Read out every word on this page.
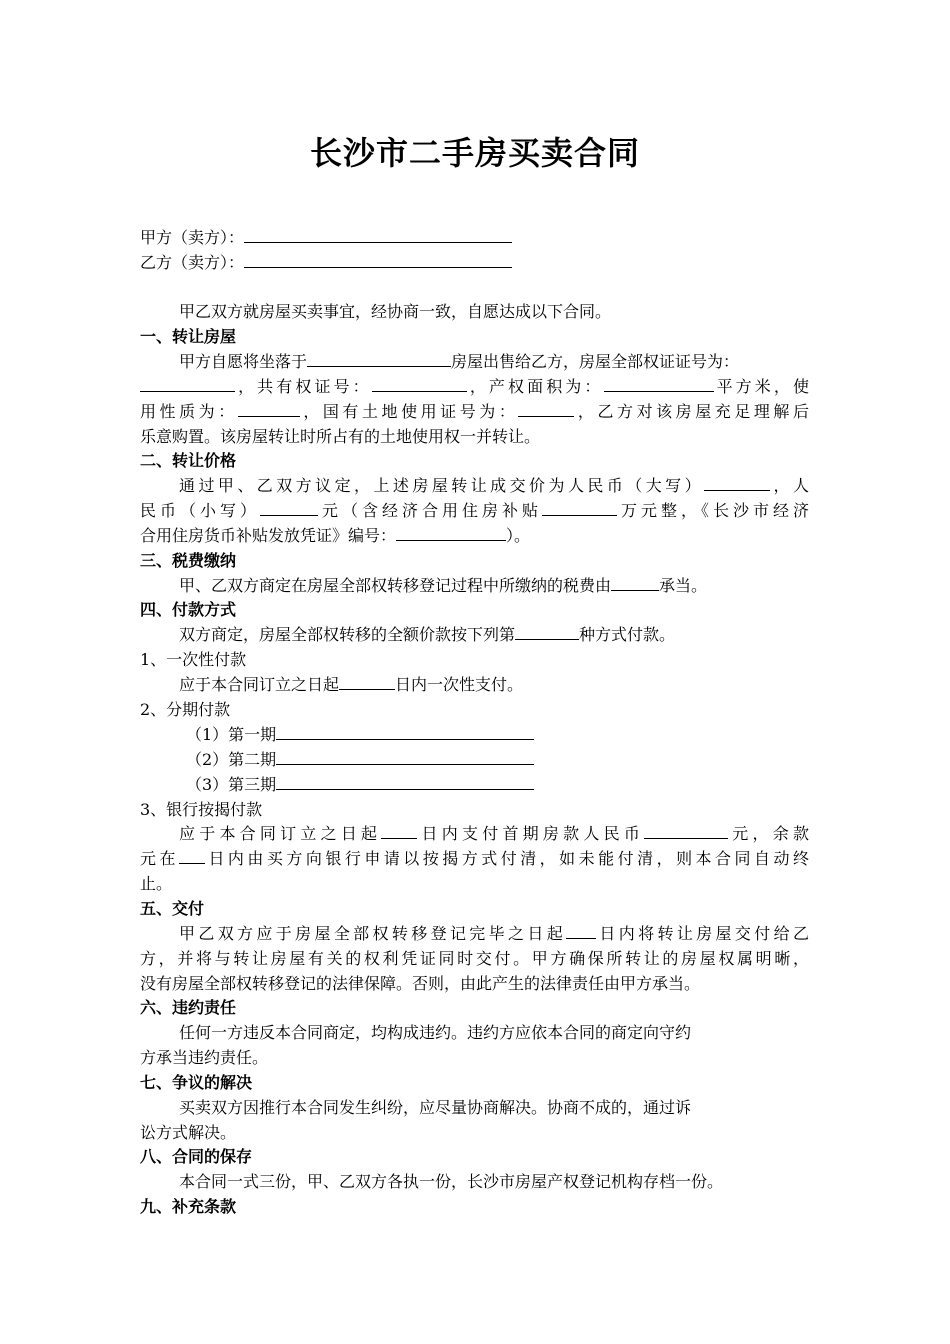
长沙市二手房买卖合同
甲方（卖方）：
乙方（卖方）：
甲乙双方就房屋买卖事宜，经协商一致，自愿达成以下合同。
一、转让房屋
甲方自愿将坐落于	房屋出售给乙方，房屋全部权证证号为：
，共有权证号：	，产权面积为：	平方米，使
用性质为：	，国有土地使用证号为：	，乙方对该房屋充足理解后
乐意购置。该房屋转让时所占有的土地使用权一并转让。
二、转让价格
通过甲、乙双方议定，上述房屋转让成交价为人民币（大写）	，人
民币（小写）	元（含经济合用住房补贴	万元整，《长沙市经济
合用住房货币补贴发放凭证》编号：	）。
三、税费缴纳
甲、乙双方商定在房屋全部权转移登记过程中所缴纳的税费由	承当。
四、付款方式
双方商定，房屋全部权转移的全额价款按下列第	种方式付款。
1、一次性付款
应于本合同订立之日起	日内一次性支付。
2、分期付款
（1）第一期
（2）第二期
（3）第三期
3、银行按揭付款
应于本合同订立之日起 日内支付首期房款人民币	元，余款
元在 日内由买方向银行申请以按揭方式付清，如未能付清，则本合同自动终
止。
五、交付
甲乙双方应于房屋全部权转移登记完毕之日起 日内将转让房屋交付给乙
方，并将与转让房屋有关的权利凭证同时交付。甲方确保所转让的房屋权属明晰，
没有房屋全部权转移登记的法律保障。否则，由此产生的法律责任由甲方承当。
六、违约责任
任何一方违反本合同商定，均构成违约。违约方应依本合同的商定向守约
方承当违约责任。
七、争议的解决
买卖双方因推行本合同发生纠纷，应尽量协商解决。协商不成的，通过诉
讼方式解决。
八、合同的保存
本合同一式三份，甲、乙双方各执一份，长沙市房屋产权登记机构存档一份。
九、补充条款
